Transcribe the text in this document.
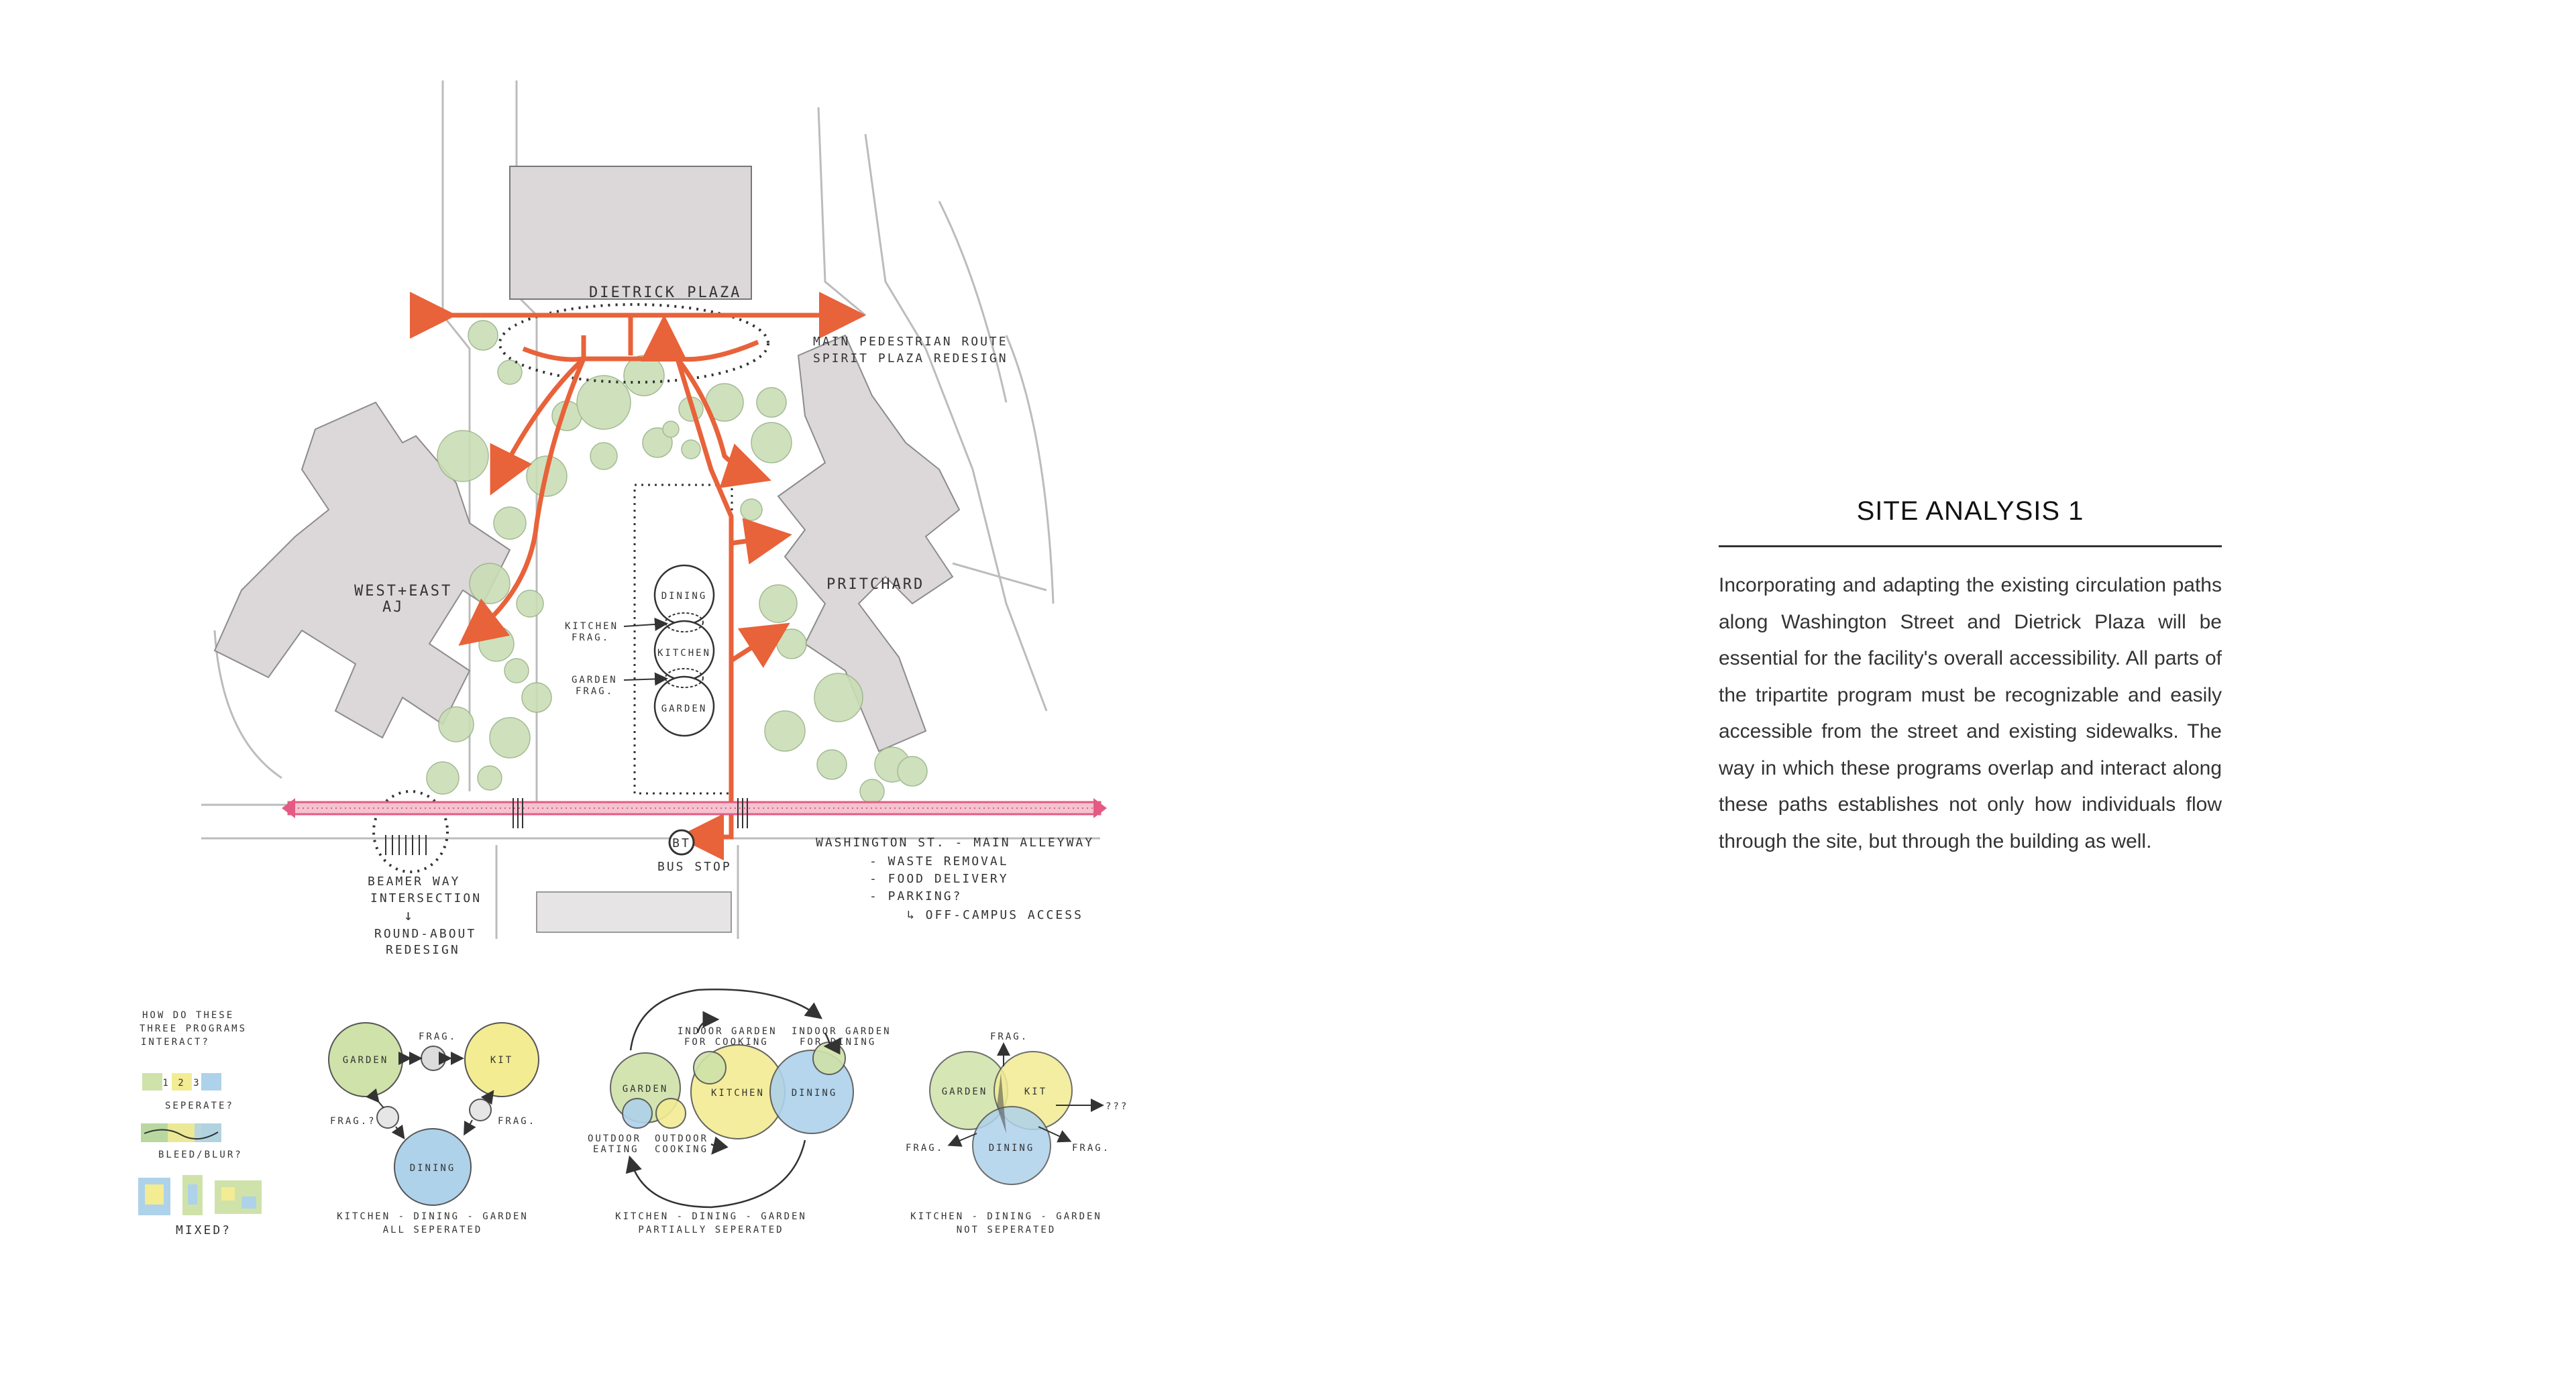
BT
DIETRICK PLAZA
MAIN PEDESTRIAN ROUTE
SPIRIT PLAZA REDESIGN
WEST+EAST
AJ
PRITCHARD
DINING
KITCHEN
GARDEN
KITCHEN
FRAG.
GARDEN
FRAG.
BUS STOP
WASHINGTON ST. - MAIN ALLEYWAY
- WASTE REMOVAL
- FOOD DELIVERY
- PARKING?
↳ OFF-CAMPUS ACCESS
BEAMER WAY
INTERSECTION
↓
ROUND-ABOUT
REDESIGN
HOW DO THESE
THREE PROGRAMS
INTERACT?
1 2 3
SEPERATE?
BLEED/BLUR?
MIXED?
GARDEN	KIT
DINING
FRAG.
FRAG.?	FRAG.
KITCHEN - DINING - GARDEN
ALL SEPERATED
INDOOR GARDEN
FOR COOKING
INDOOR GARDEN
FOR DINING
GARDEN	KITCHEN	DINING
OUTDOOR
EATING
OUTDOOR
COOKING
KITCHEN - DINING - GARDEN
PARTIALLY SEPERATED
FRAG.
GARDEN	KIT
DINING
???
FRAG.	FRAG.
KITCHEN - DINING - GARDEN
NOT SEPERATED
SITE ANALYSIS 1

Incorporating and adapting the existing circulation paths along Washington Street and Dietrick Plaza will be essential for the facility's overall accessibility. All parts of the tripartite program must be recognizable and easily accessible from the street and existing sidewalks. The way in which these programs overlap and interact along these paths establishes not only how individuals flow through the site, but through the building as well.
